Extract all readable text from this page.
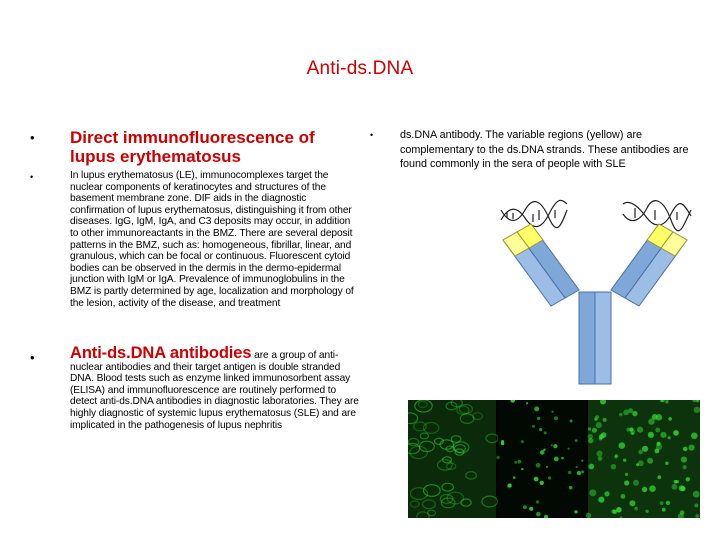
Anti-ds.DNA
• Direct immunofluorescence of lupus erythematosus
•	In lupus erythematosus (LE), immunocomplexes target the nuclear components of keratinocytes and structures of the basement membrane zone. DIF aids in the diagnostic confirmation of lupus erythematosus, distinguishing it from other diseases. IgG, IgM, IgA, and C3 deposits may occur, in addition to other immunoreactants in the BMZ. There are several deposit patterns in the BMZ, such as: homogeneous, fibrillar, linear, and granulous, which can be focal or continuous. Fluorescent cytoid bodies can be observed in the dermis in the dermo-epidermal junction with IgM or IgA. Prevalence of immunoglobulins in the BMZ is partly determined by age, localization and morphology of the lesion, activity of the disease, and treatment
• Anti-ds.DNA antibodies are a group of anti-nuclear antibodies and their target antigen is double stranded DNA. Blood tests such as enzyme linked immunosorbent assay (ELISA) and immunofluorescence are routinely performed to detect anti-ds.DNA antibodies in diagnostic laboratories. They are highly diagnostic of systemic lupus erythematosus (SLE) and are implicated in the pathogenesis of lupus nephritis
• ds.DNA antibody. The variable regions (yellow) are complementary to the ds.DNA strands. These antibodies are found commonly in the sera of people with SLE
